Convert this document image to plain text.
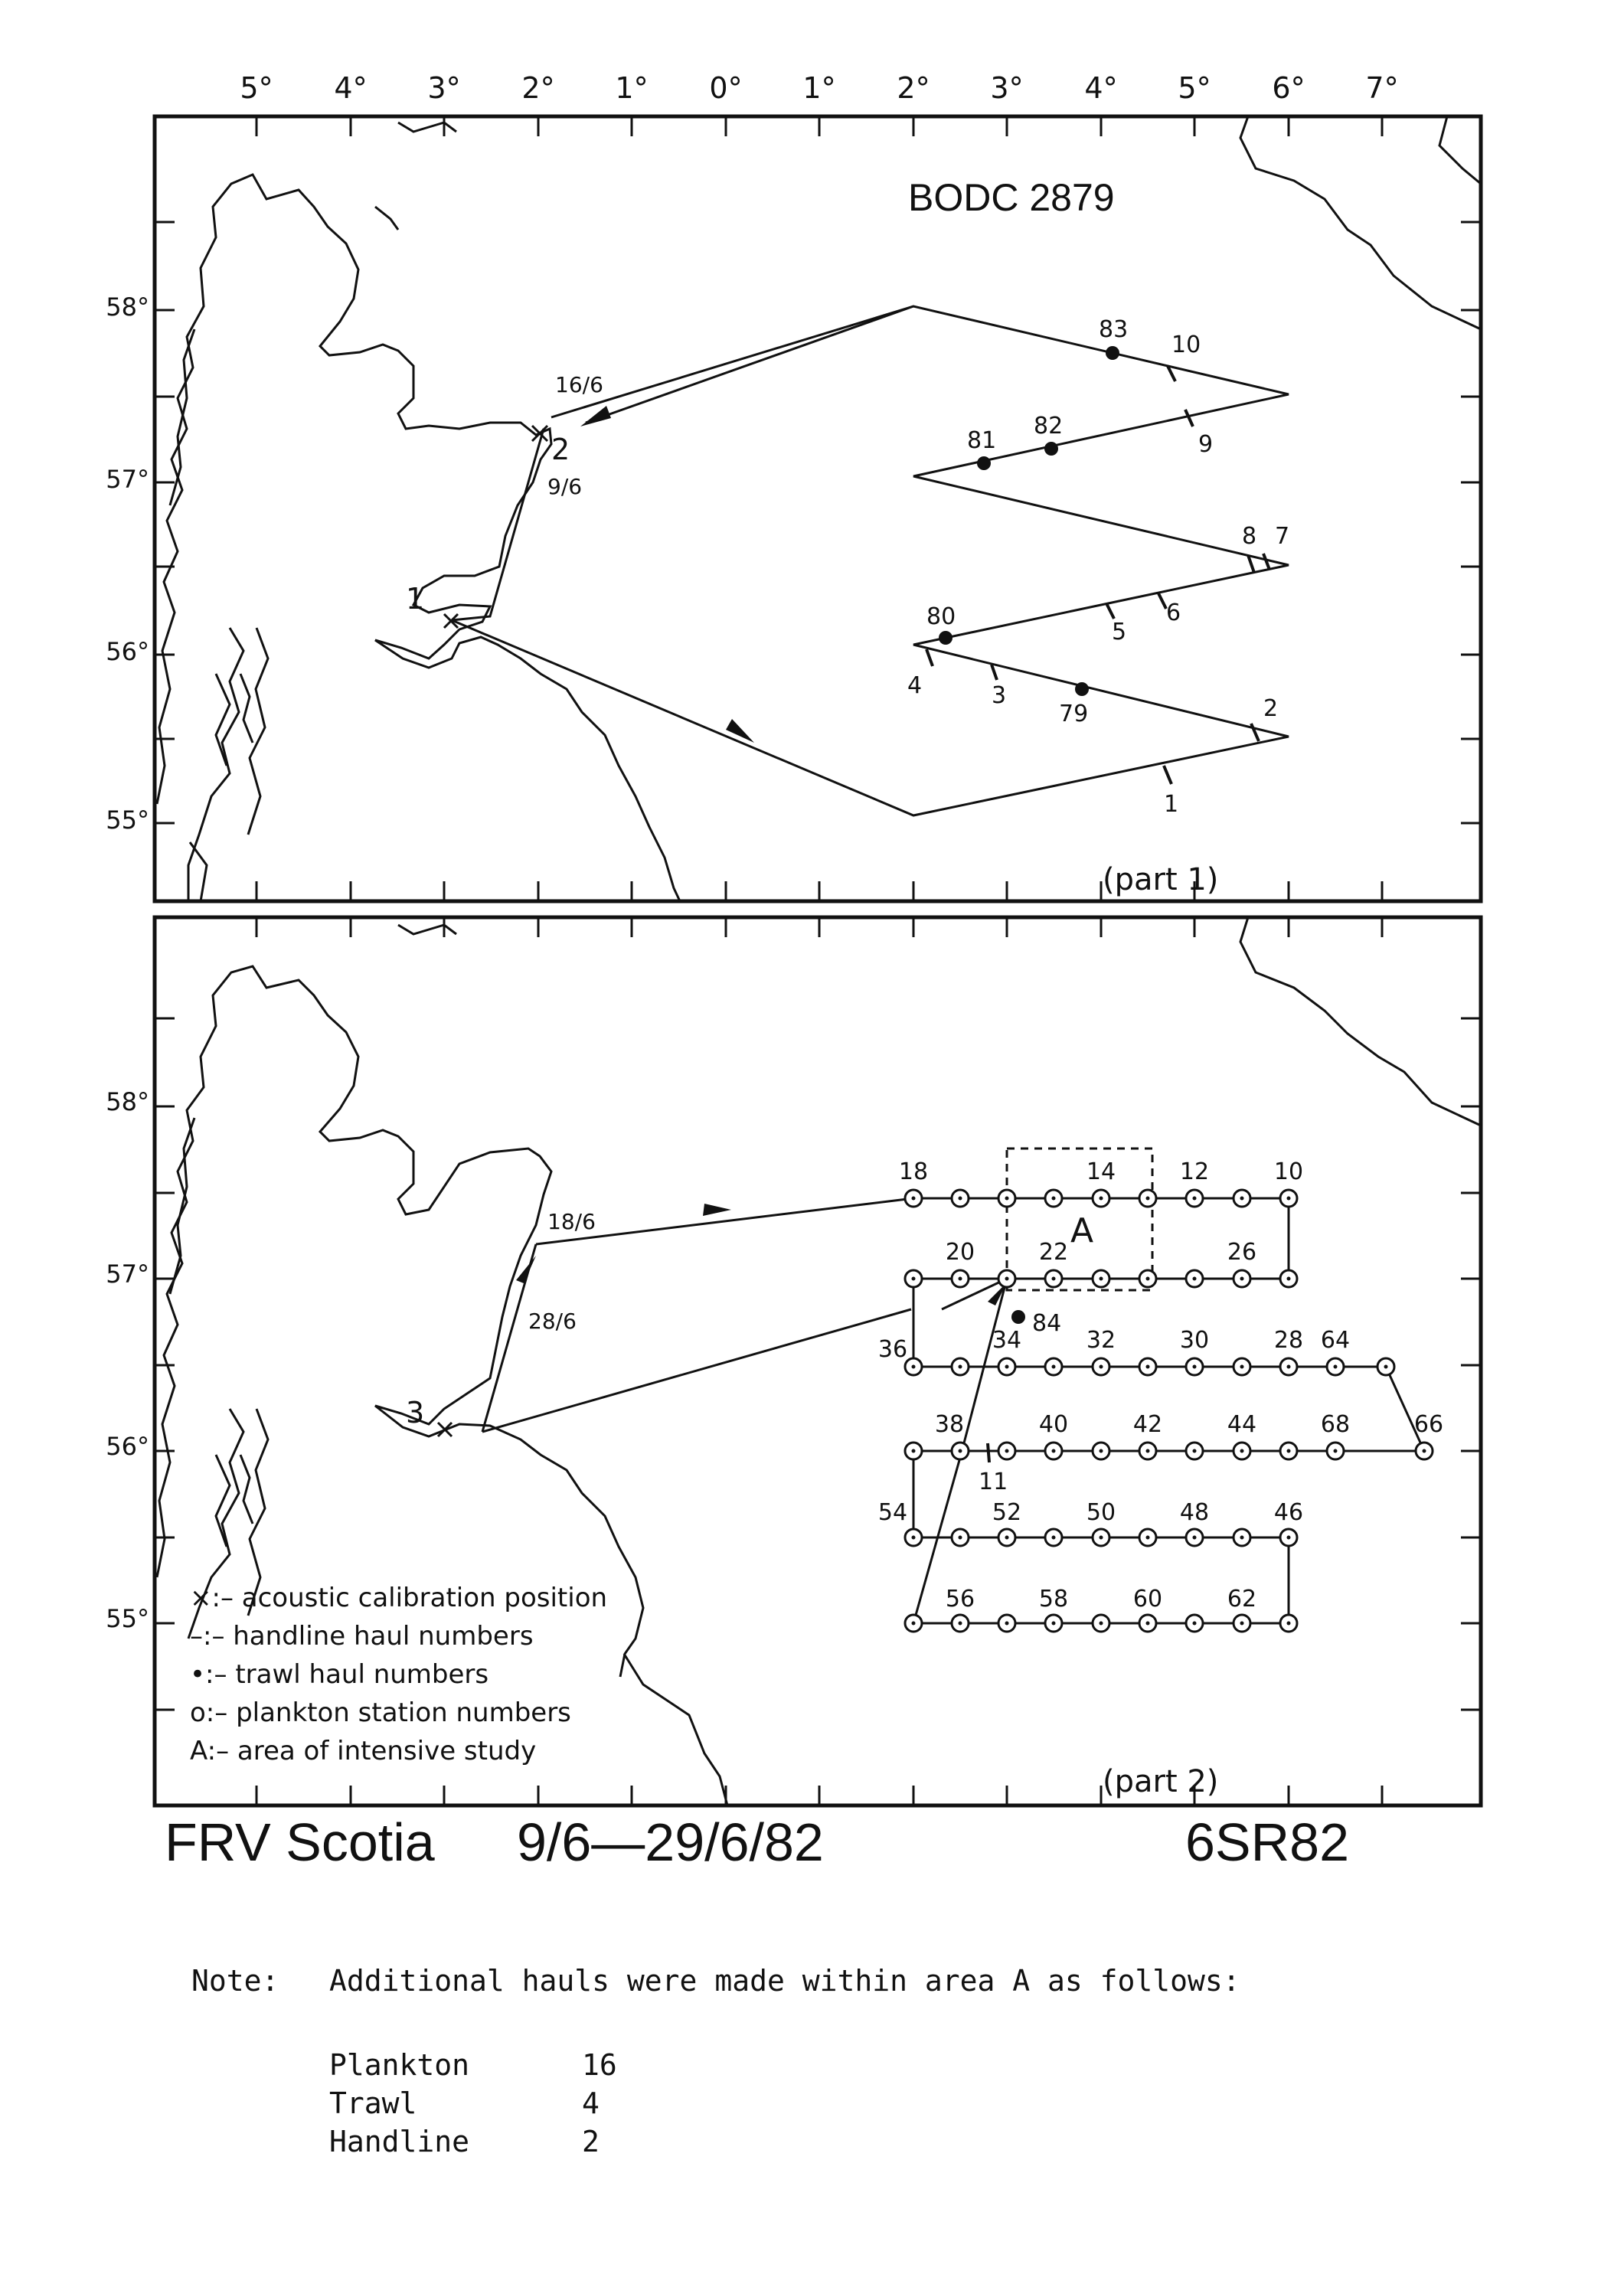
5° 4° 3° 2° 1° 0° 1° 2° 3° 4° 5° 6° 7°
58°
57°
56°
55°
1
2
16/6
9/6
83
81
82
80
79
1
2
3
4
5
6
7
8
9
10
BODC 2879
(part 1)
58°
57°
56°
55°
A
3
18/6
28/6	84
11
10
12
14
18
20	22	26
28
30
32
34
36
38	40	42	44
46
48
50
52
54
56	58	60	62
64
66
68
×:– acoustic calibration position
–:– handline haul numbers
•:– trawl haul numbers
o:– plankton station numbers
A:– area of intensive study
(part 2)
FRV Scotia 9/6—29/6/82	6SR82
Note: Additional hauls were made within area A as follows:
Plankton	16
Trawl	4
Handline	2
